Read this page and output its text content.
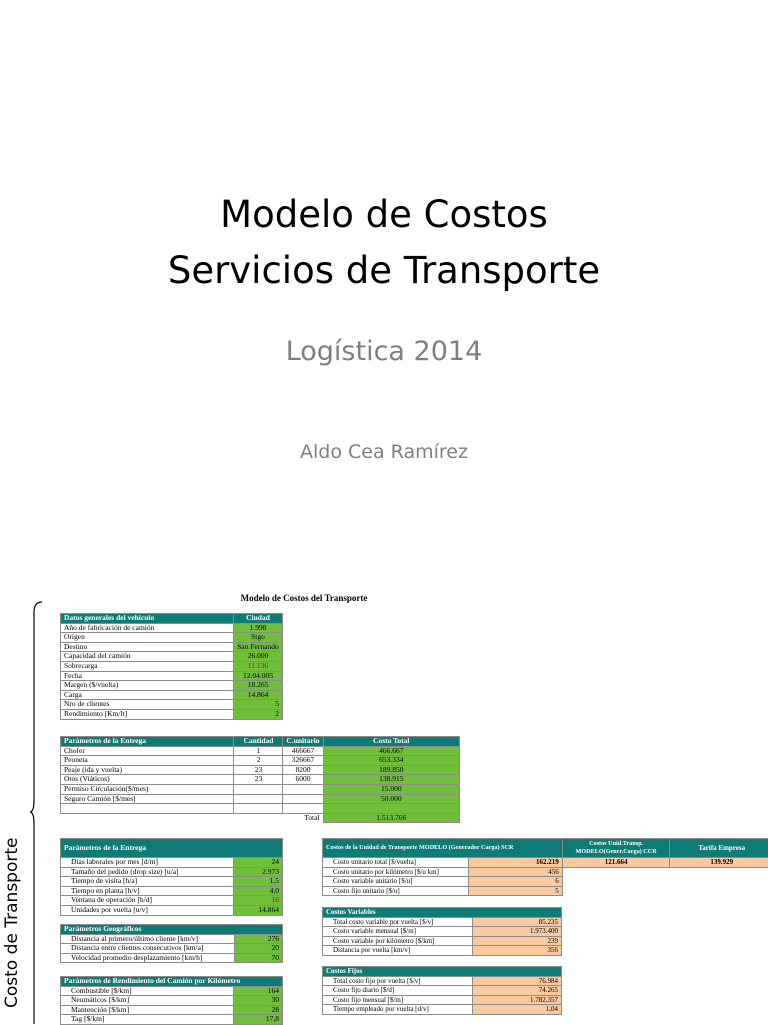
Modelo de Costos
Servicios de Transporte
Logística 2014
Aldo Cea Ramírez
Costo de Transporte
Modelo de Costos del Transporte
Datos generales del vehículo	Ciudad
Año de fabricación de camión	1.998
Origen	Stgo
Destino	San Fernando
Capacidad del camión	26.000
Sobrecarga	11.136
Fecha	12.04.005
Margen ($/vuelta)	18.265
Carga	14.864
Nro de clientes	5
Rendimiento [Km/lt]	2
Parámetros de la Entrega	Cantidad	C.unitario	Costo Total
Chofer	1	466667	466.667
Peoneta	2	326667	653.334
Peaje (ida y vuelta)	23	8200	189.850
Otos (Viáticos)	23	6000	138.915
Permiso Circulación($/mes)			15.000
Seguro Camión [$/mes]			50.000

		Total	1.513.766
Parámetros de la Entrega	
Días laborales por mes [d/m]	24
Tamaño del pedido (drop size) [u/a]	2.973
Tiempo de visita [h/a]	1,5
Tiempo en planta [h/v]	4,0
Ventana de operación [h/d]	16
Unidades por vuelta [u/v]	14.864
Parámetros Geográficos	
Distancia al primero/último cliente [km/v]	276
Distancia entre clientes consecutivos [km/a]	20
Velocidad promedio desplazamiento [km/h]	70
Parámetros de Rendimiento del Camión por Kilómetro	
Combustible [$/km]	164
Neumáticos [$/km]	30
Mantención [$/km]	28
Tag [$/km]	17,8
Costos de la Unidad de Transporte MODELO (Generador Carga) SCR	Costos Unid.Transp. MODELO(Gener.Carga) CCR	Tarifa Empresa

Costo unitario total [$/vuelta] 162.219	121.664	139.929

Costo unitario por kilómetro [$/u km] 456		

Costo variable unitario [$/u] 6		

Costo fijo unitario [$/u] 5		

Costos Variables	
Total costo variable por vuelta [$/v]	85.235
Costo variable mensual [$/m]	1.973.400
Costo variable por kilómetro [$/km]	239
Distancia por vuelta [km/v]	356
Costos Fijos	
Total costo fijo por vuelta [$/v]	76.984
Costo fijo diario [$/d]	74.265
Costo fijo mensual [$/m]	1.782.357
Tiempo empleado por vuelta [d/v]	1,04
